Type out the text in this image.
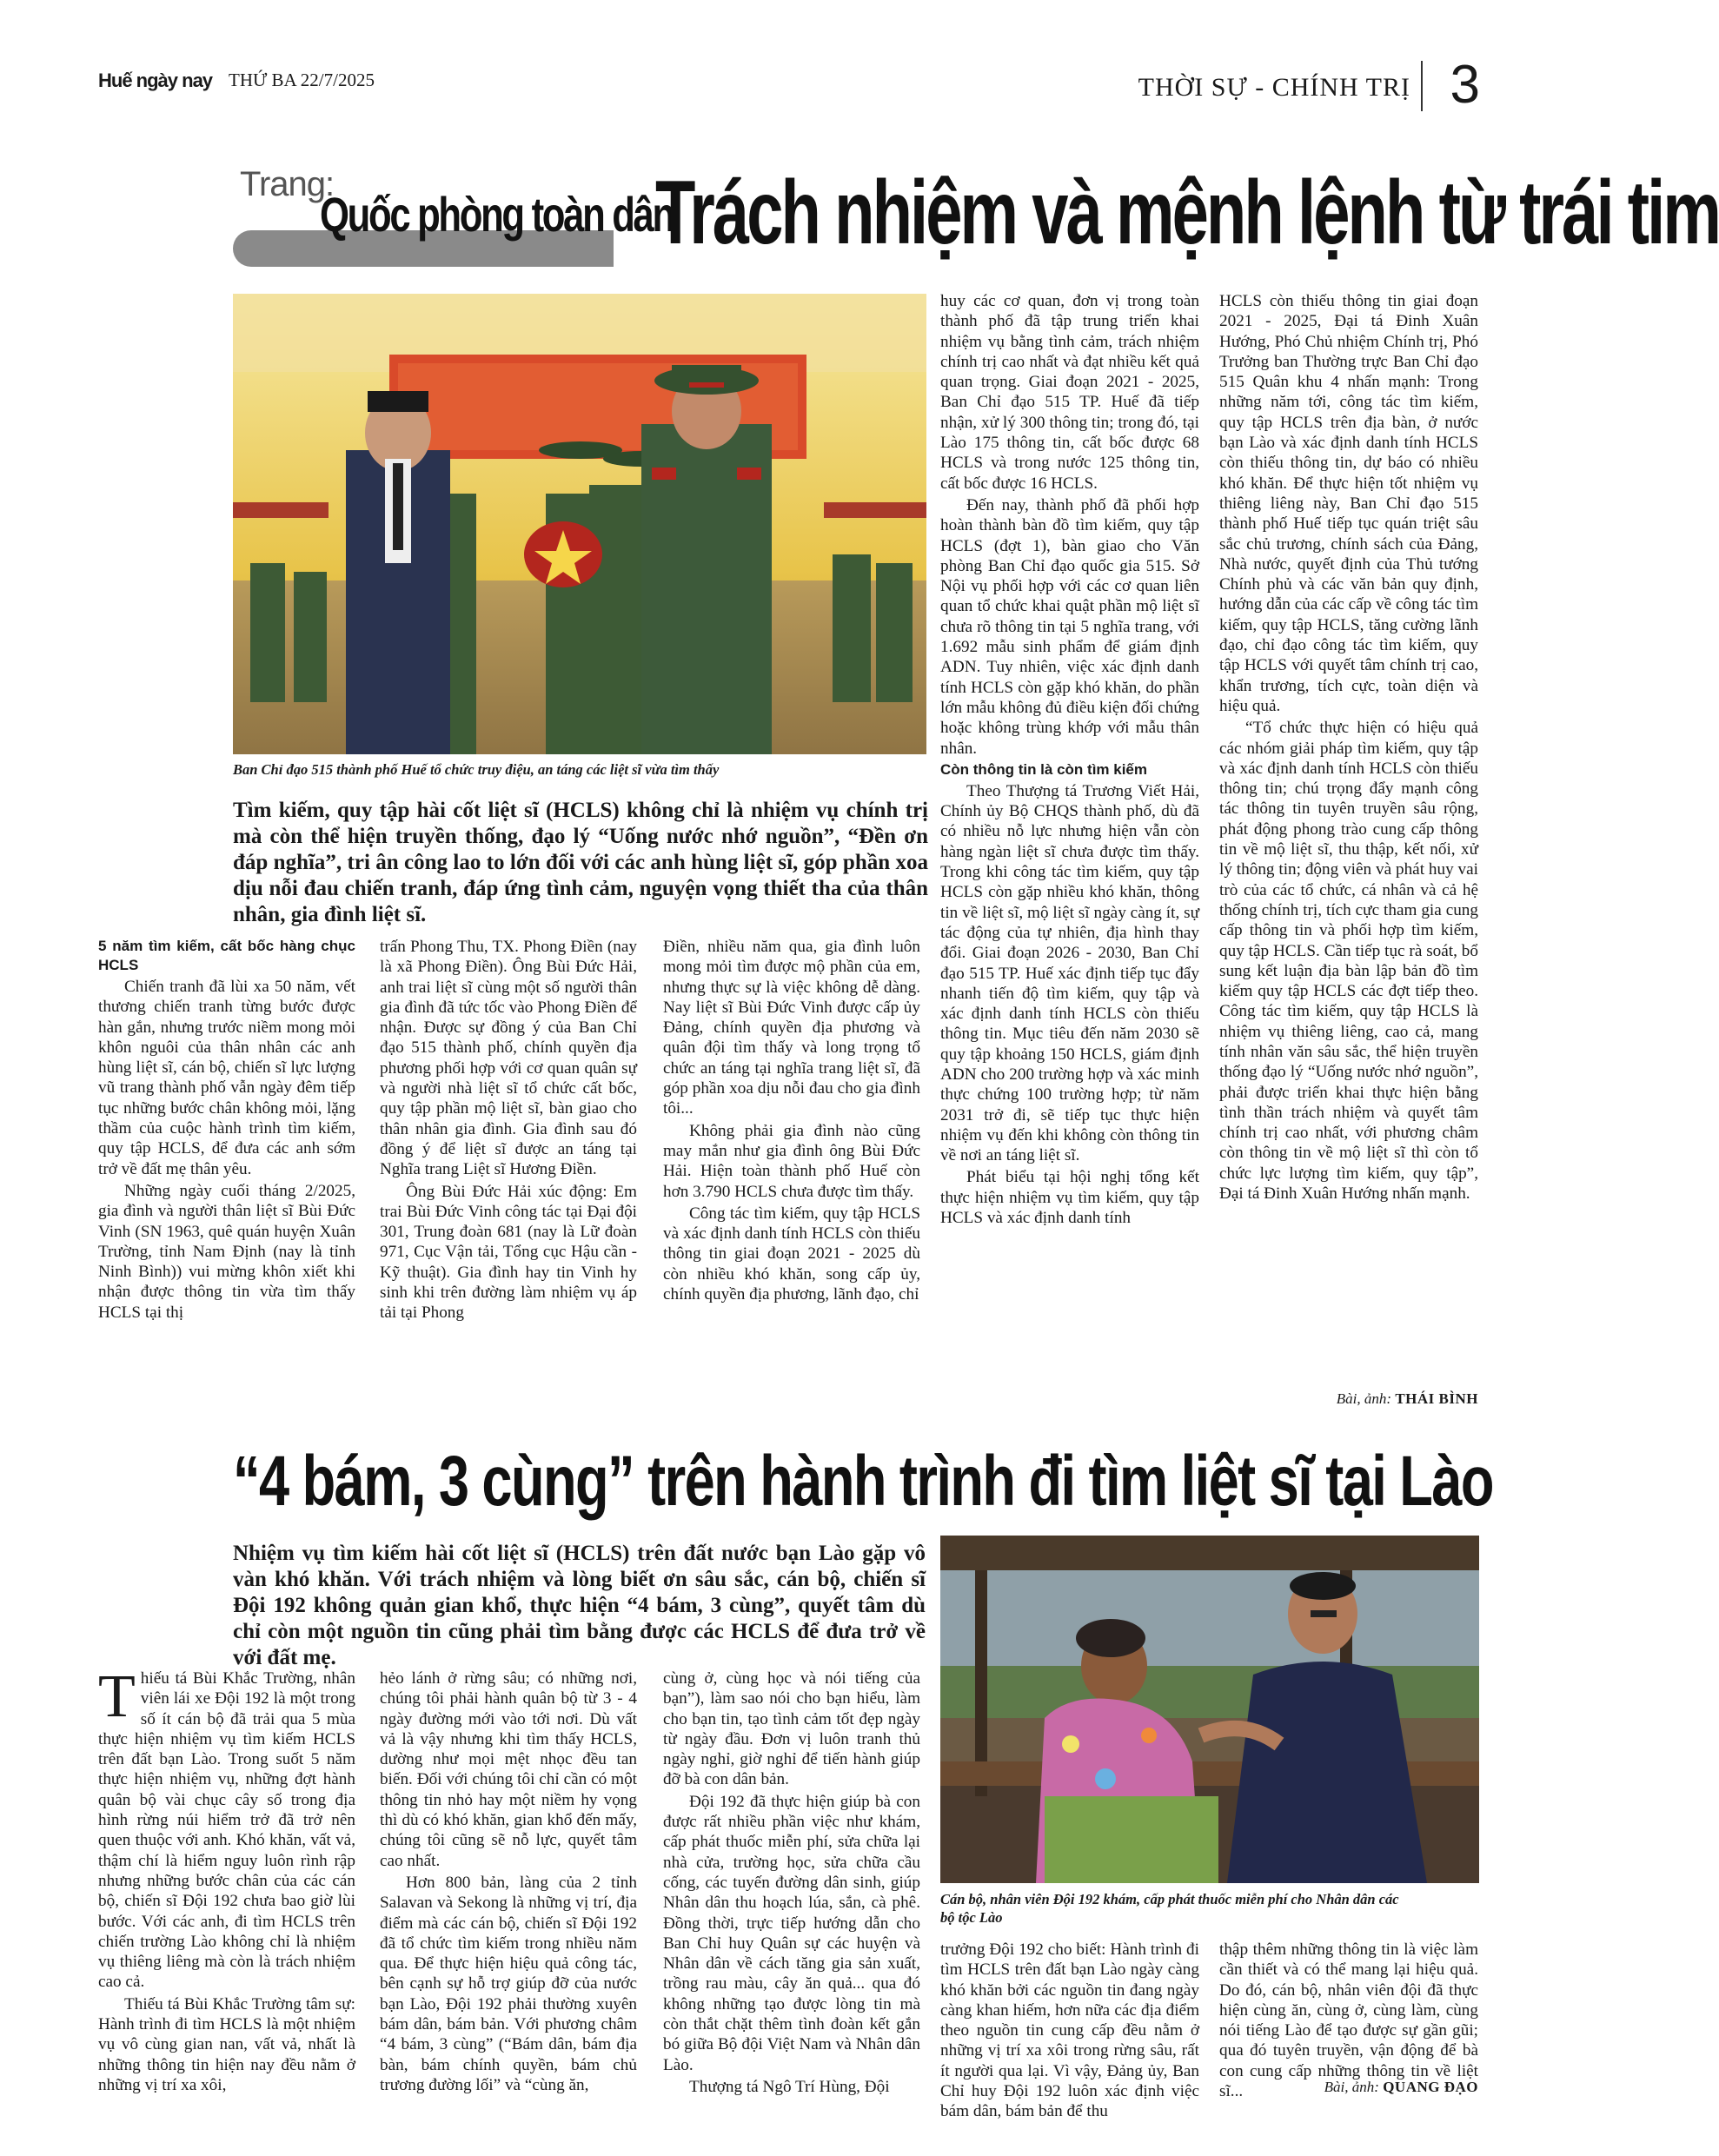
Huế ngày nay THỨ BA 22/7/2025	THỜI SỰ - CHÍNH TRỊ 3
Trang:
Quốc phòng toàn dân
Trách nhiệm và mệnh lệnh từ trái tim
Ban Chỉ đạo 515 thành phố Huế tổ chức truy điệu, an táng các liệt sĩ vừa tìm thấy
Tìm kiếm, quy tập hài cốt liệt sĩ (HCLS) không chỉ là nhiệm vụ chính trị mà còn thể hiện truyền thống, đạo lý “Uống nước nhớ nguồn”, “Đền ơn đáp nghĩa”, tri ân công lao to lớn đối với các anh hùng liệt sĩ, góp phần xoa dịu nỗi đau chiến tranh, đáp ứng tình cảm, nguyện vọng thiết tha của thân nhân, gia đình liệt sĩ.

5 năm tìm kiếm, cất bốc hàng chục HCLS

Chiến tranh đã lùi xa 50 năm, vết thương chiến tranh từng bước được hàn gắn, nhưng trước niềm mong mỏi khôn nguôi của thân nhân các anh hùng liệt sĩ, cán bộ, chiến sĩ lực lượng vũ trang thành phố vẫn ngày đêm tiếp tục những bước chân không mỏi, lặng thầm của cuộc hành trình tìm kiếm, quy tập HCLS, để đưa các anh sớm trở về đất mẹ thân yêu.

Những ngày cuối tháng 2/2025, gia đình và người thân liệt sĩ Bùi Đức Vinh (SN 1963, quê quán huyện Xuân Trường, tỉnh Nam Định (nay là tỉnh Ninh Bình)) vui mừng khôn xiết khi nhận được thông tin vừa tìm thấy HCLS tại thị

trấn Phong Thu, TX. Phong Điền (nay là xã Phong Điền). Ông Bùi Đức Hải, anh trai liệt sĩ cùng một số người thân gia đình đã tức tốc vào Phong Điền để nhận. Được sự đồng ý của Ban Chỉ đạo 515 thành phố, chính quyền địa phương phối hợp với cơ quan quân sự và người nhà liệt sĩ tổ chức cất bốc, quy tập phần mộ liệt sĩ, bàn giao cho thân nhân gia đình. Gia đình sau đó đồng ý để liệt sĩ được an táng tại Nghĩa trang Liệt sĩ Hương Điền.

Ông Bùi Đức Hải xúc động: Em trai Bùi Đức Vinh công tác tại Đại đội 301, Trung đoàn 681 (nay là Lữ đoàn 971, Cục Vận tải, Tổng cục Hậu cần - Kỹ thuật). Gia đình hay tin Vinh hy sinh khi trên đường làm nhiệm vụ áp tải tại Phong

Điền, nhiều năm qua, gia đình luôn mong mỏi tìm được mộ phần của em, nhưng thực sự là việc không dễ dàng. Nay liệt sĩ Bùi Đức Vinh được cấp ủy Đảng, chính quyền địa phương và quân đội tìm thấy và long trọng tổ chức an táng tại nghĩa trang liệt sĩ, đã góp phần xoa dịu nỗi đau cho gia đình tôi...

Không phải gia đình nào cũng may mắn như gia đình ông Bùi Đức Hải. Hiện toàn thành phố Huế còn hơn 3.790 HCLS chưa được tìm thấy.

Công tác tìm kiếm, quy tập HCLS và xác định danh tính HCLS còn thiếu thông tin giai đoạn 2021 - 2025 dù còn nhiều khó khăn, song cấp ủy, chính quyền địa phương, lãnh đạo, chỉ

huy các cơ quan, đơn vị trong toàn thành phố đã tập trung triển khai nhiệm vụ bằng tình cảm, trách nhiệm chính trị cao nhất và đạt nhiều kết quả quan trọng. Giai đoạn 2021 - 2025, Ban Chỉ đạo 515 TP. Huế đã tiếp nhận, xử lý 300 thông tin; trong đó, tại Lào 175 thông tin, cất bốc được 68 HCLS và trong nước 125 thông tin, cất bốc được 16 HCLS.

Đến nay, thành phố đã phối hợp hoàn thành bàn đồ tìm kiếm, quy tập HCLS (đợt 1), bàn giao cho Văn phòng Ban Chỉ đạo quốc gia 515. Sở Nội vụ phối hợp với các cơ quan liên quan tổ chức khai quật phần mộ liệt sĩ chưa rõ thông tin tại 5 nghĩa trang, với 1.692 mẫu sinh phẩm để giám định ADN. Tuy nhiên, việc xác định danh tính HCLS còn gặp khó khăn, do phần lớn mẫu không đủ điều kiện đối chứng hoặc không trùng khớp với mẫu thân nhân.

Còn thông tin là còn tìm kiếm

Theo Thượng tá Trương Viết Hải, Chính ủy Bộ CHQS thành phố, dù đã có nhiều nỗ lực nhưng hiện vẫn còn hàng ngàn liệt sĩ chưa được tìm thấy. Trong khi công tác tìm kiếm, quy tập HCLS còn gặp nhiều khó khăn, thông tin về liệt sĩ, mộ liệt sĩ ngày càng ít, sự tác động của tự nhiên, địa hình thay đổi. Giai đoạn 2026 - 2030, Ban Chỉ đạo 515 TP. Huế xác định tiếp tục đẩy nhanh tiến độ tìm kiếm, quy tập và xác định danh tính HCLS còn thiếu thông tin. Mục tiêu đến năm 2030 sẽ quy tập khoảng 150 HCLS, giám định ADN cho 200 trường hợp và xác minh thực chứng 100 trường hợp; từ năm 2031 trở đi, sẽ tiếp tục thực hiện nhiệm vụ đến khi không còn thông tin về nơi an táng liệt sĩ.

Phát biểu tại hội nghị tổng kết thực hiện nhiệm vụ tìm kiếm, quy tập HCLS và xác định danh tính

HCLS còn thiếu thông tin giai đoạn 2021 - 2025, Đại tá Đinh Xuân Hướng, Phó Chủ nhiệm Chính trị, Phó Trưởng ban Thường trực Ban Chỉ đạo 515 Quân khu 4 nhấn mạnh: Trong những năm tới, công tác tìm kiếm, quy tập HCLS trên địa bàn, ở nước bạn Lào và xác định danh tính HCLS còn thiếu thông tin, dự báo có nhiều khó khăn. Để thực hiện tốt nhiệm vụ thiêng liêng này, Ban Chỉ đạo 515 thành phố Huế tiếp tục quán triệt sâu sắc chủ trương, chính sách của Đảng, Nhà nước, quyết định của Thủ tướng Chính phủ và các văn bản quy định, hướng dẫn của các cấp về công tác tìm kiếm, quy tập HCLS, tăng cường lãnh đạo, chỉ đạo công tác tìm kiếm, quy tập HCLS với quyết tâm chính trị cao, khẩn trương, tích cực, toàn diện và hiệu quả.

“Tổ chức thực hiện có hiệu quả các nhóm giải pháp tìm kiếm, quy tập và xác định danh tính HCLS còn thiếu thông tin; chú trọng đẩy mạnh công tác thông tin tuyên truyền sâu rộng, phát động phong trào cung cấp thông tin về mộ liệt sĩ, thu thập, kết nối, xử lý thông tin; động viên và phát huy vai trò của các tổ chức, cá nhân và cả hệ thống chính trị, tích cực tham gia cung cấp thông tin và phối hợp tìm kiếm, quy tập HCLS. Cần tiếp tục rà soát, bổ sung kết luận địa bàn lập bản đồ tìm kiếm quy tập HCLS các đợt tiếp theo. Công tác tìm kiếm, quy tập HCLS là nhiệm vụ thiêng liêng, cao cả, mang tính nhân văn sâu sắc, thể hiện truyền thống đạo lý “Uống nước nhớ nguồn”, phải được triển khai thực hiện bằng tình thần trách nhiệm và quyết tâm chính trị cao nhất, với phương châm còn thông tin về mộ liệt sĩ thì còn tổ chức lực lượng tìm kiếm, quy tập”, Đại tá Đinh Xuân Hướng nhấn mạnh.

Bài, ảnh: THÁI BÌNH
“4 bám, 3 cùng” trên hành trình đi tìm liệt sĩ tại Lào
Nhiệm vụ tìm kiếm hài cốt liệt sĩ (HCLS) trên đất nước bạn Lào gặp vô vàn khó khăn. Với trách nhiệm và lòng biết ơn sâu sắc, cán bộ, chiến sĩ Đội 192 không quản gian khổ, thực hiện “4 bám, 3 cùng”, quyết tâm dù chỉ còn một nguồn tin cũng phải tìm bằng được các HCLS để đưa trở về với đất mẹ.
Cán bộ, nhân viên Đội 192 khám, cấp phát thuốc miễn phí cho Nhân dân các bộ tộc Lào

Thiếu tá Bùi Khắc Trường, nhân viên lái xe Đội 192 là một trong số ít cán bộ đã trải qua 5 mùa thực hiện nhiệm vụ tìm kiếm HCLS trên đất bạn Lào. Trong suốt 5 năm thực hiện nhiệm vụ, những đợt hành quân bộ vài chục cây số trong địa hình rừng núi hiểm trở đã trở nên quen thuộc với anh. Khó khăn, vất vả, thậm chí là hiểm nguy luôn rình rập nhưng những bước chân của các cán bộ, chiến sĩ Đội 192 chưa bao giờ lùi bước. Với các anh, đi tìm HCLS trên chiến trường Lào không chỉ là nhiệm vụ thiêng liêng mà còn là trách nhiệm cao cả.

Thiếu tá Bùi Khắc Trường tâm sự: Hành trình đi tìm HCLS là một nhiệm vụ vô cùng gian nan, vất vả, nhất là những thông tin hiện nay đều nằm ở những vị trí xa xôi,

hẻo lánh ở rừng sâu; có những nơi, chúng tôi phải hành quân bộ từ 3 - 4 ngày đường mới vào tới nơi. Dù vất vả là vậy nhưng khi tìm thấy HCLS, dường như mọi mệt nhọc đều tan biến. Đối với chúng tôi chỉ cần có một thông tin nhỏ hay một niềm hy vọng thì dù có khó khăn, gian khổ đến mấy, chúng tôi cũng sẽ nỗ lực, quyết tâm cao nhất.

Hơn 800 bản, làng của 2 tỉnh Salavan và Sekong là những vị trí, địa điểm mà các cán bộ, chiến sĩ Đội 192 đã tổ chức tìm kiếm trong nhiều năm qua. Để thực hiện hiệu quả công tác, bên cạnh sự hỗ trợ giúp đỡ của nước bạn Lào, Đội 192 phải thường xuyên bám dân, bám bản. Với phương châm “4 bám, 3 cùng” (“Bám dân, bám địa bàn, bám chính quyền, bám chủ trương đường lối” và “cùng ăn,

cùng ở, cùng học và nói tiếng của bạn”), làm sao nói cho bạn hiểu, làm cho bạn tin, tạo tình cảm tốt đẹp ngày từ ngày đầu. Đơn vị luôn tranh thủ ngày nghỉ, giờ nghỉ để tiến hành giúp đỡ bà con dân bản.

Đội 192 đã thực hiện giúp bà con được rất nhiều phần việc như khám, cấp phát thuốc miễn phí, sửa chữa lại nhà cửa, trường học, sửa chữa cầu cống, các tuyến đường dân sinh, giúp Nhân dân thu hoạch lúa, sắn, cà phê. Đồng thời, trực tiếp hướng dẫn cho Ban Chỉ huy Quân sự các huyện và Nhân dân về cách tăng gia sản xuất, trồng rau màu, cây ăn quả... qua đó không những tạo được lòng tin mà còn thắt chặt thêm tình đoàn kết gắn bó giữa Bộ đội Việt Nam và Nhân dân Lào.

Thượng tá Ngô Trí Hùng, Đội

trưởng Đội 192 cho biết: Hành trình đi tìm HCLS trên đất bạn Lào ngày càng khó khăn bởi các nguồn tin đang ngày càng khan hiếm, hơn nữa các địa điểm theo nguồn tin cung cấp đều nằm ở những vị trí xa xôi trong rừng sâu, rất ít người qua lại. Vì vậy, Đảng ủy, Ban Chỉ huy Đội 192 luôn xác định việc bám dân, bám bản để thu

thập thêm những thông tin là việc làm cần thiết và có thể mang lại hiệu quả. Do đó, cán bộ, nhân viên đội đã thực hiện cùng ăn, cùng ở, cùng làm, cùng nói tiếng Lào để tạo được sự gần gũi; qua đó tuyên truyền, vận động để bà con cung cấp những thông tin về liệt sĩ...	Bài, ảnh: QUANG ĐẠO
